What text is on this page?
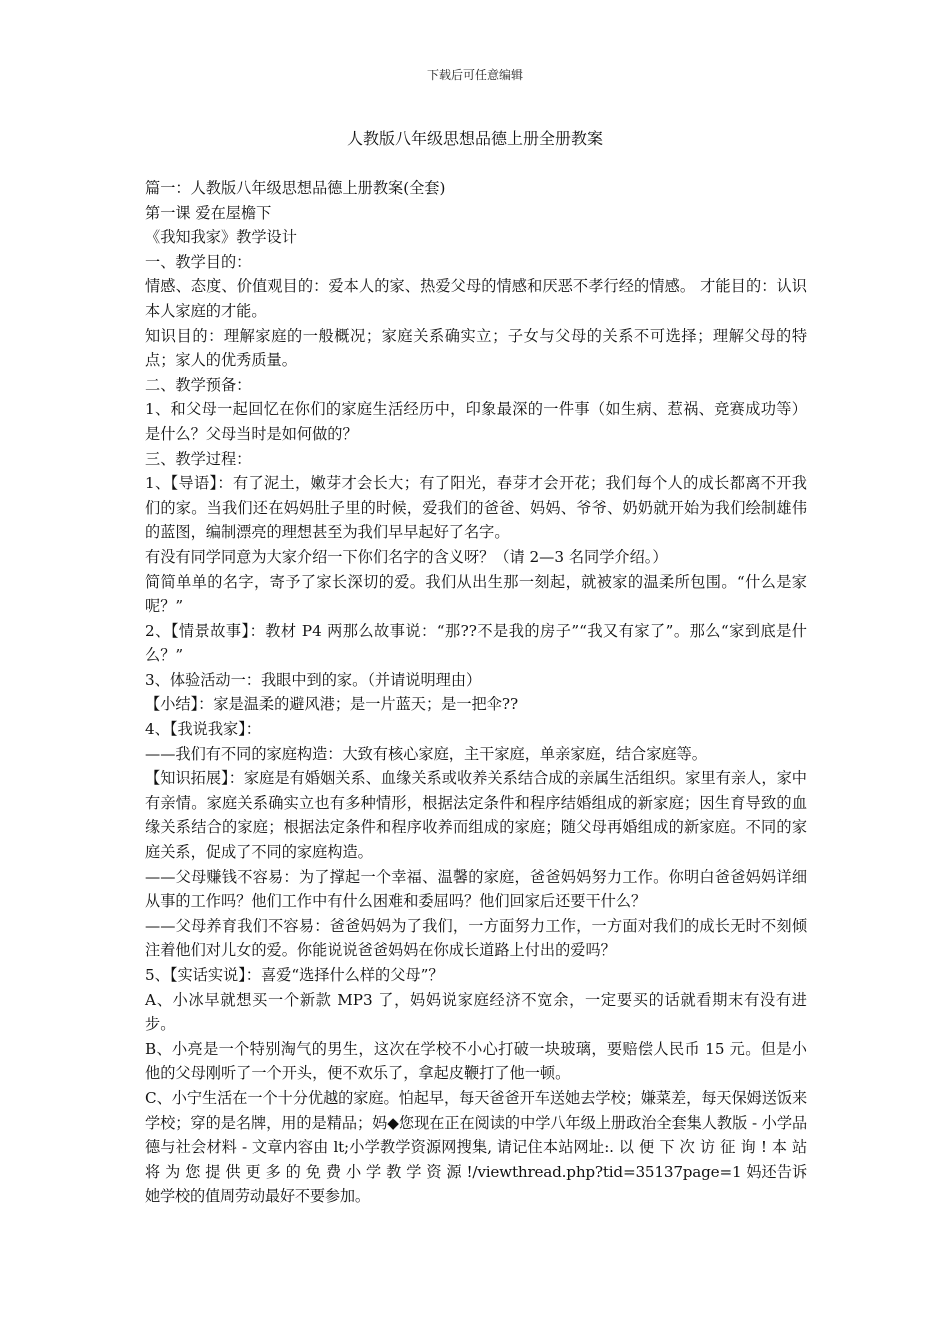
下载后可任意编辑
人教版八年级思想品德上册全册教案

篇一：人教版八年级思想品德上册教案(全套)

第一课 爱在屋檐下

《我知我家》教学设计

一、教学目的：

情感、态度、价值观目的：爱本人的家、热爱父母的情感和厌恶不孝行经的情感。 才能目的：认识本人家庭的才能。

知识目的：理解家庭的一般概况；家庭关系确实立；子女与父母的关系不可选择；理解父母的特点；家人的优秀质量。

二、教学预备：

1、和父母一起回忆在你们的家庭生活经历中，印象最深的一件事（如生病、惹祸、竞赛成功等）是什么？父母当时是如何做的？

三、教学过程：

1、【导语】：有了泥土，嫩芽才会长大；有了阳光，春芽才会开花；我们每个人的成长都离不开我们的家。当我们还在妈妈肚子里的时候，爱我们的爸爸、妈妈、爷爷、奶奶就开始为我们绘制雄伟的蓝图，编制漂亮的理想甚至为我们早早起好了名字。

有没有同学同意为大家介绍一下你们名字的含义呀？（请 2—3 名同学介绍。）

简简单单的名字，寄予了家长深切的爱。我们从出生那一刻起，就被家的温柔所包围。“什么是家呢？”

2、【情景故事】：教材 P4 两那么故事说：“那??不是我的房子”“我又有家了”。那么“家到底是什么？”

3、体验活动一：我眼中到的家。（并请说明理由）

【小结】：家是温柔的避风港；是一片蓝天；是一把伞??

4、【我说我家】：

——我们有不同的家庭构造：大致有核心家庭，主干家庭，单亲家庭，结合家庭等。

【知识拓展】：家庭是有婚姻关系、血缘关系或收养关系结合成的亲属生活组织。家里有亲人，家中有亲情。家庭关系确实立也有多种情形，根据法定条件和程序结婚组成的新家庭；因生育导致的血缘关系结合的家庭；根据法定条件和程序收养而组成的家庭；随父母再婚组成的新家庭。不同的家庭关系，促成了不同的家庭构造。

——父母赚钱不容易：为了撑起一个幸福、温馨的家庭，爸爸妈妈努力工作。你明白爸爸妈妈详细从事的工作吗？他们工作中有什么困难和委屈吗？他们回家后还要干什么？

——父母养育我们不容易：爸爸妈妈为了我们，一方面努力工作，一方面对我们的成长无时不刻倾注着他们对儿女的爱。你能说说爸爸妈妈在你成长道路上付出的爱吗？

5、【实话实说】：喜爱“选择什么样的父母”？

A、小冰早就想买一个新款 MP3 了，妈妈说家庭经济不宽余，一定要买的话就看期末有没有进步。

B、小亮是一个特别淘气的男生，这次在学校不小心打破一块玻璃，要赔偿人民币 15 元。但是小他的父母刚听了一个开头，便不欢乐了，拿起皮鞭打了他一顿。

C、小宁生活在一个十分优越的家庭。怕起早，每天爸爸开车送她去学校；嫌菜差，每天保姆送饭来学校；穿的是名牌，用的是精品；妈◆您现在正在阅读的中学八年级上册政治全套集人教版 - 小学品德与社会材料 - 文章内容由 lt;小学教学资源网搜集, 请记住本站网址:. 以 便 下 次 访 征 询 ! 本 站 将 为 您 提 供 更 多 的 免 费 小 学 教 学 资 源 !/viewthread.php?tid=35137page=1 妈还告诉她学校的值周劳动最好不要参加。
